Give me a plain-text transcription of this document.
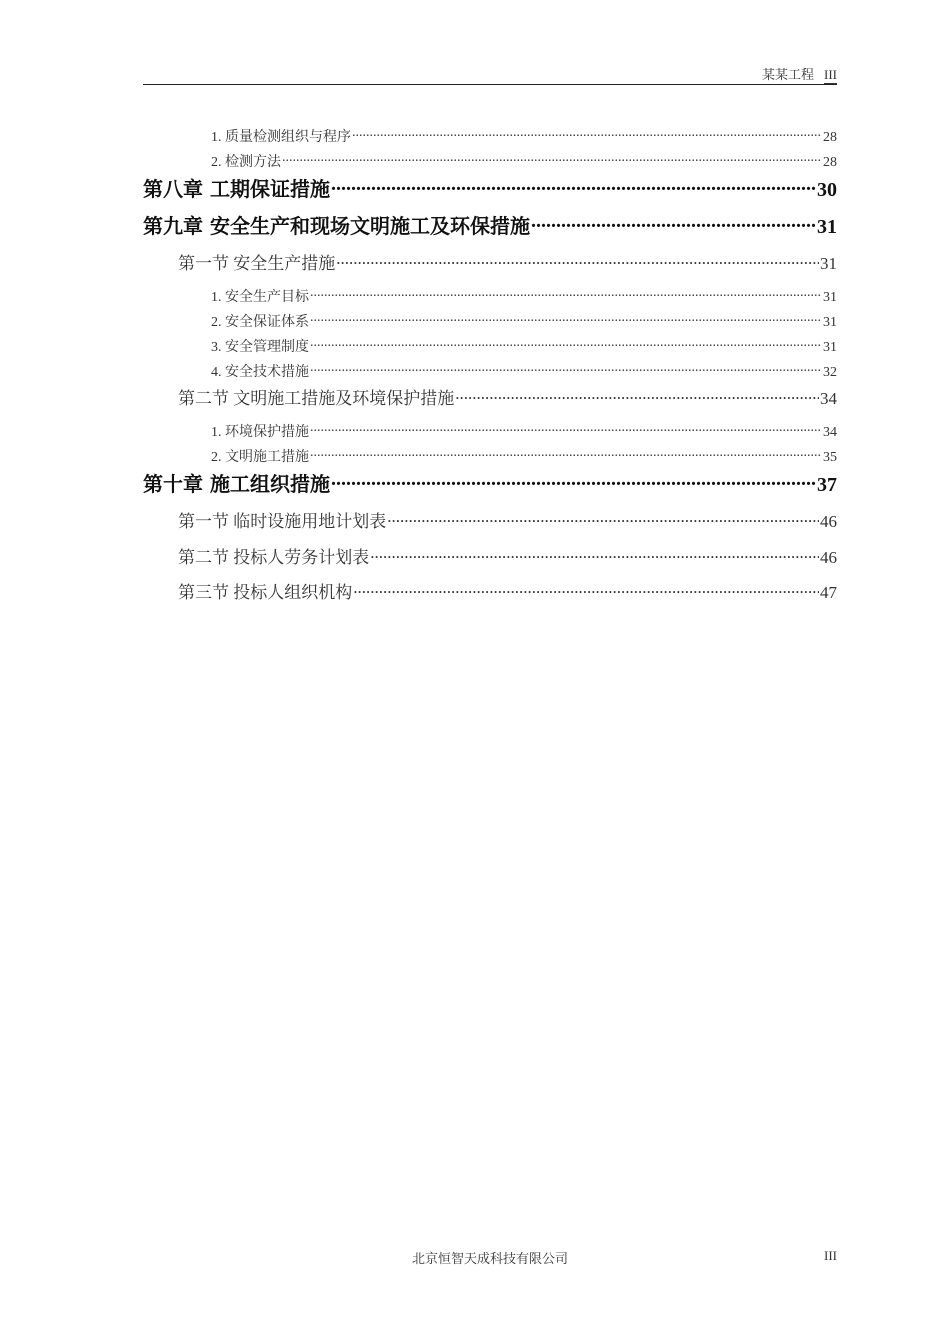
某某工程 III
1. 质量检测组织与程序 .....	28
2. 检测方法 .....	28
第八章 工期保证措施 .....	30
第九章 安全生产和现场文明施工及环保措施 .....	31
第一节 安全生产措施 .....	31
1. 安全生产目标 .....	31
2. 安全保证体系 .....	31
3. 安全管理制度 .....	31
4. 安全技术措施 .....	32
第二节 文明施工措施及环境保护措施 .....	34
1. 环境保护措施 .....	34
2. 文明施工措施 .....	35
第十章 施工组织措施 .....	37
第一节 临时设施用地计划表 .....	46
第二节 投标人劳务计划表 .....	46
第三节 投标人组织机构 .....	47
北京恒智天成科技有限公司	III
